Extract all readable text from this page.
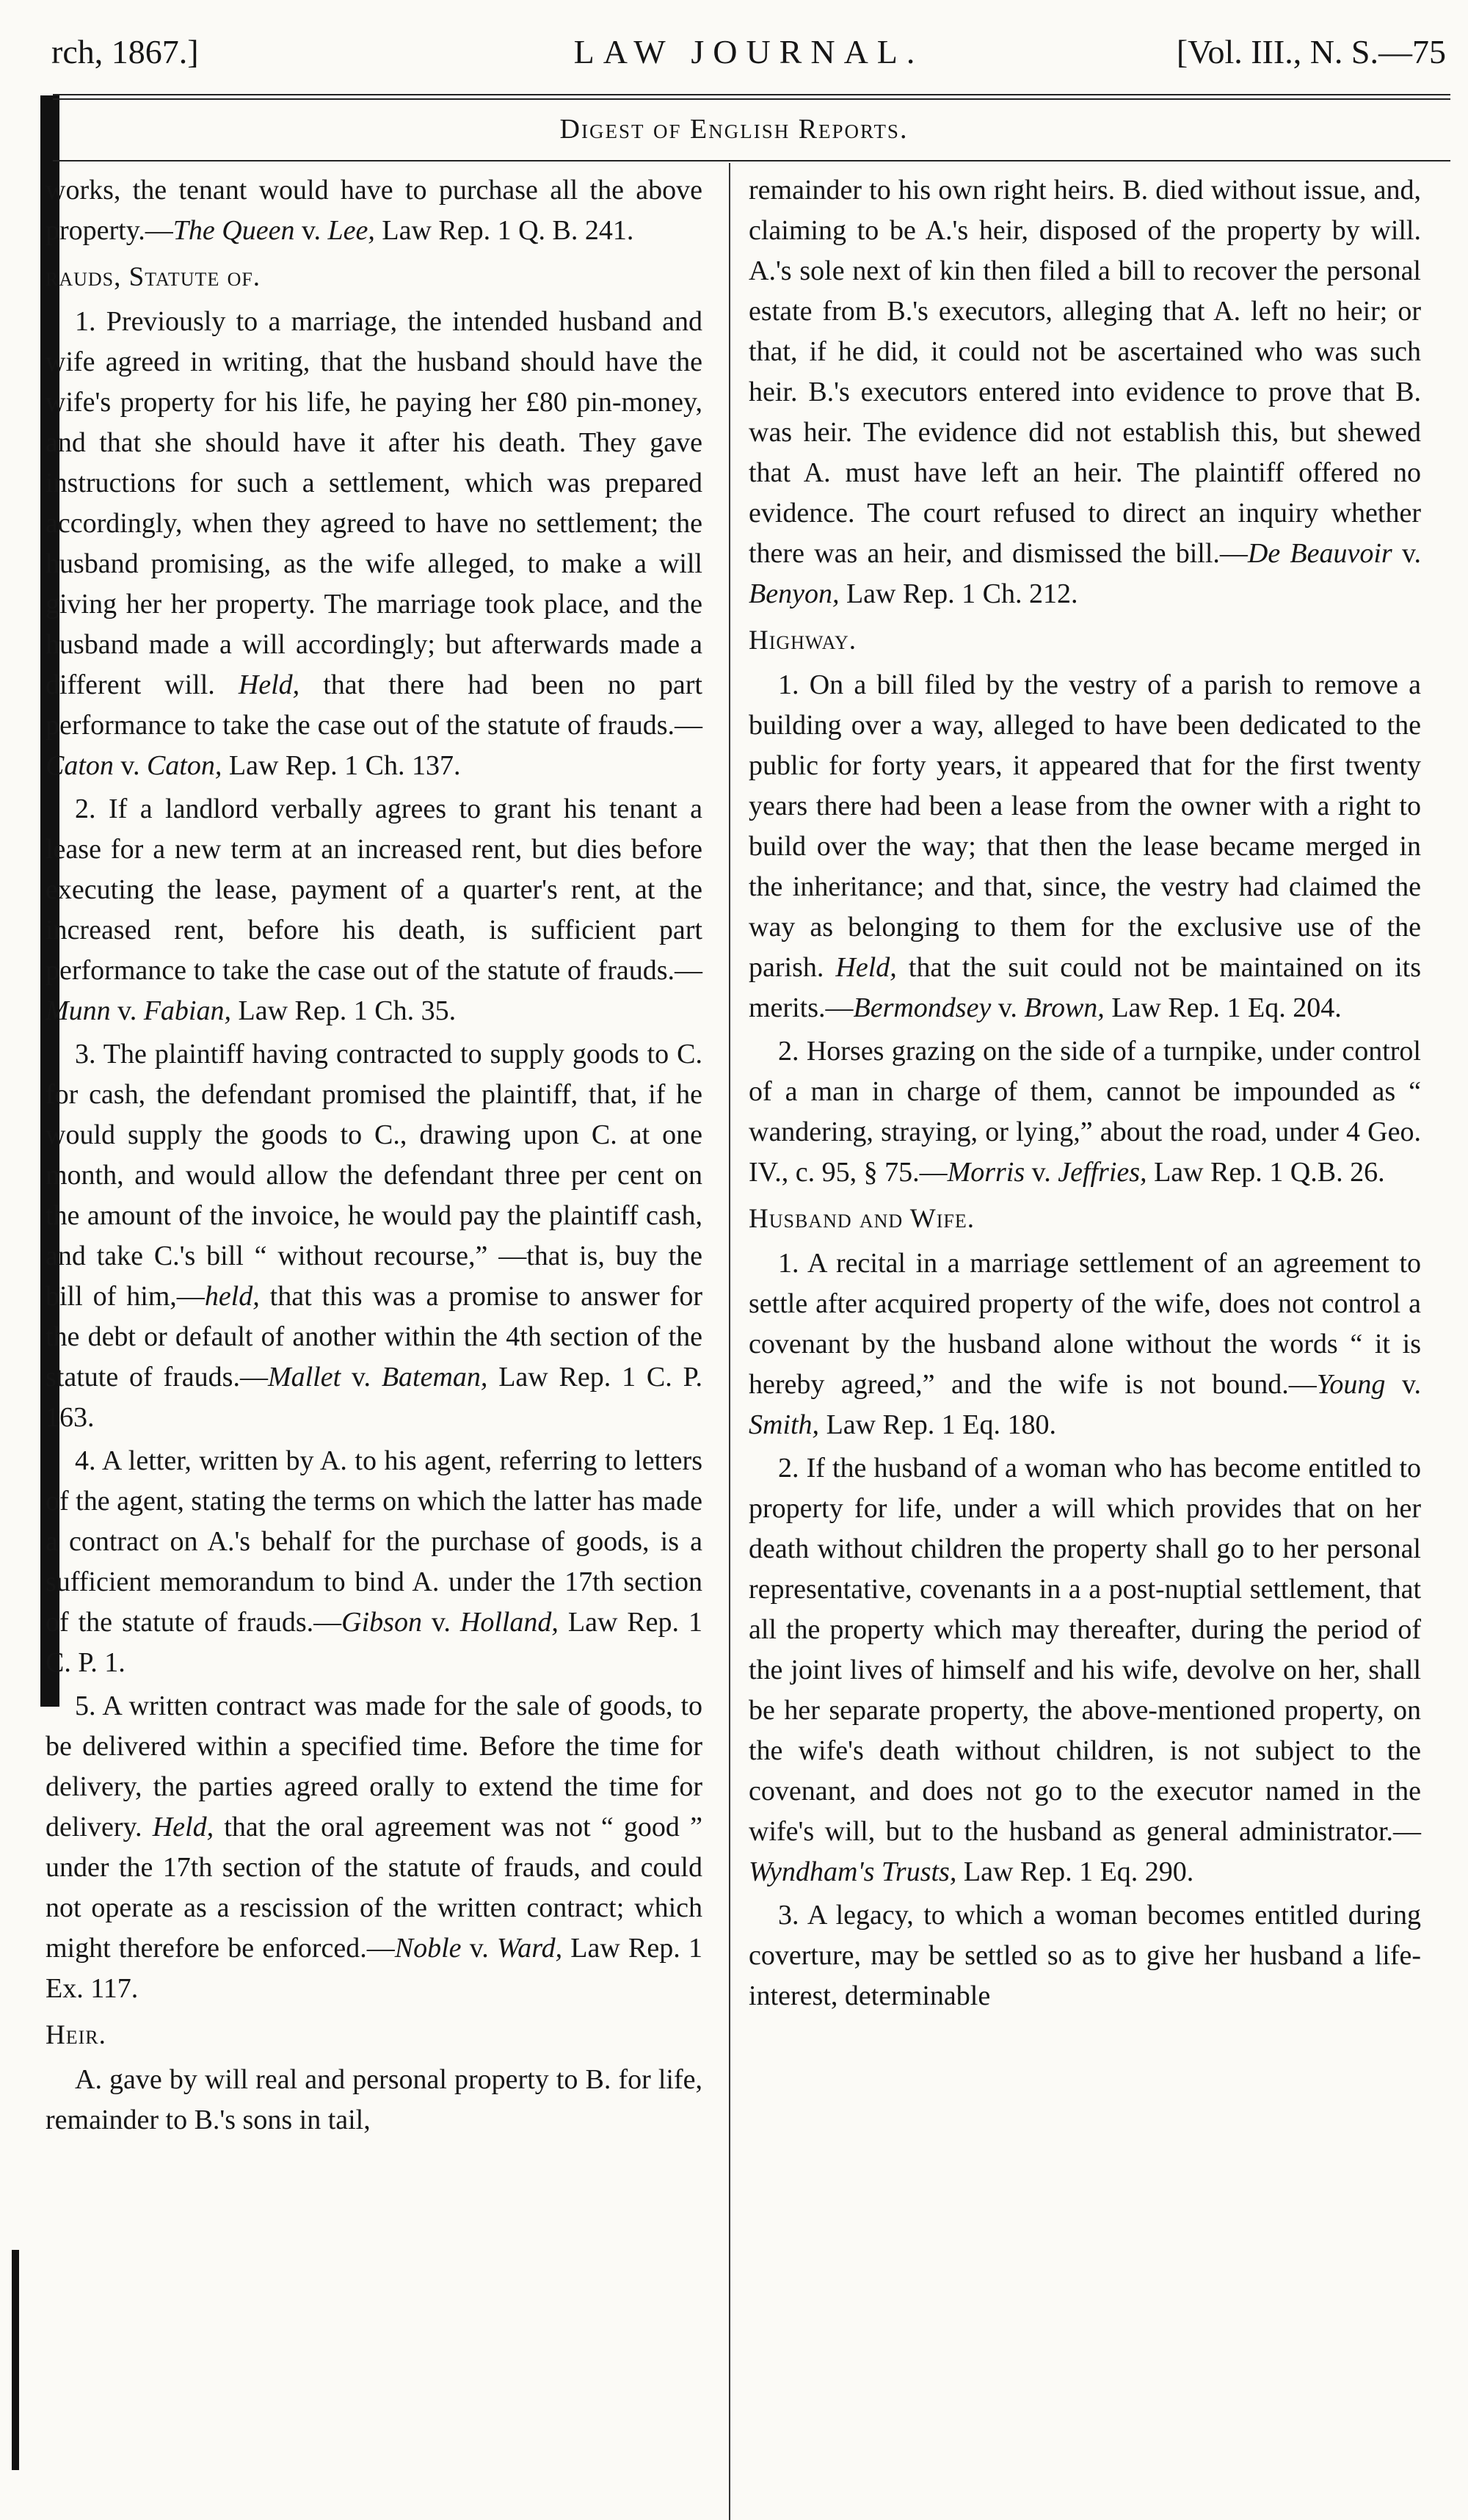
rch, 1867.]	LAW JOURNAL.	[Vol. III., N. S.—75
Digest of English Reports.

works, the tenant would have to purchase all the above property.—The Queen v. Lee, Law Rep. 1 Q. B. 241.

rauds, Statute of.

1. Previously to a marriage, the intended husband and wife agreed in writing, that the husband should have the wife's property for his life, he paying her £80 pin-money, and that she should have it after his death. They gave instructions for such a settlement, which was prepared accordingly, when they agreed to have no settlement; the husband promising, as the wife alleged, to make a will giving her her property. The marriage took place, and the husband made a will accordingly; but afterwards made a different will. Held, that there had been no part performance to take the case out of the statute of frauds.—Caton v. Caton, Law Rep. 1 Ch. 137.

2. If a landlord verbally agrees to grant his tenant a lease for a new term at an increased rent, but dies before executing the lease, payment of a quarter's rent, at the increased rent, before his death, is sufficient part performance to take the case out of the statute of frauds.—Munn v. Fabian, Law Rep. 1 Ch. 35.

3. The plaintiff having contracted to supply goods to C. for cash, the defendant promised the plaintiff, that, if he would supply the goods to C., drawing upon C. at one month, and would allow the defendant three per cent on the amount of the invoice, he would pay the plaintiff cash, and take C.'s bill “ without recourse,” —that is, buy the bill of him,—held, that this was a promise to answer for the debt or default of another within the 4th section of the statute of frauds.—Mallet v. Bateman, Law Rep. 1 C. P. 163.

4. A letter, written by A. to his agent, referring to letters of the agent, stating the terms on which the latter has made a contract on A.'s behalf for the purchase of goods, is a sufficient memorandum to bind A. under the 17th section of the statute of frauds.—Gibson v. Holland, Law Rep. 1 C. P. 1.

5. A written contract was made for the sale of goods, to be delivered within a specified time. Before the time for delivery, the parties agreed orally to extend the time for delivery. Held, that the oral agreement was not “ good ” under the 17th section of the statute of frauds, and could not operate as a rescission of the written contract; which might therefore be enforced.—Noble v. Ward, Law Rep. 1 Ex. 117.

Heir.

A. gave by will real and personal property to B. for life, remainder to B.'s sons in tail,

remainder to his own right heirs. B. died without issue, and, claiming to be A.'s heir, disposed of the property by will. A.'s sole next of kin then filed a bill to recover the personal estate from B.'s executors, alleging that A. left no heir; or that, if he did, it could not be ascertained who was such heir. B.'s executors entered into evidence to prove that B. was heir. The evidence did not establish this, but shewed that A. must have left an heir. The plaintiff offered no evidence. The court refused to direct an inquiry whether there was an heir, and dismissed the bill.—De Beauvoir v. Benyon, Law Rep. 1 Ch. 212.

Highway.

1. On a bill filed by the vestry of a parish to remove a building over a way, alleged to have been dedicated to the public for forty years, it appeared that for the first twenty years there had been a lease from the owner with a right to build over the way; that then the lease became merged in the inheritance; and that, since, the vestry had claimed the way as belonging to them for the exclusive use of the parish. Held, that the suit could not be maintained on its merits.—Bermondsey v. Brown, Law Rep. 1 Eq. 204.

2. Horses grazing on the side of a turnpike, under control of a man in charge of them, cannot be impounded as “ wandering, straying, or lying,” about the road, under 4 Geo. IV., c. 95, § 75.—Morris v. Jeffries, Law Rep. 1 Q.B. 26.

Husband and Wife.

1. A recital in a marriage settlement of an agreement to settle after acquired property of the wife, does not control a covenant by the husband alone without the words “ it is hereby agreed,” and the wife is not bound.—Young v. Smith, Law Rep. 1 Eq. 180.

2. If the husband of a woman who has become entitled to property for life, under a will which provides that on her death without children the property shall go to her personal representative, covenants in a a post-nuptial settlement, that all the property which may thereafter, during the period of the joint lives of himself and his wife, devolve on her, shall be her separate property, the above-mentioned property, on the wife's death without children, is not subject to the covenant, and does not go to the executor named in the wife's will, but to the husband as general administrator.—Wyndham's Trusts, Law Rep. 1 Eq. 290.

3. A legacy, to which a woman becomes entitled during coverture, may be settled so as to give her husband a life-interest, determinable
